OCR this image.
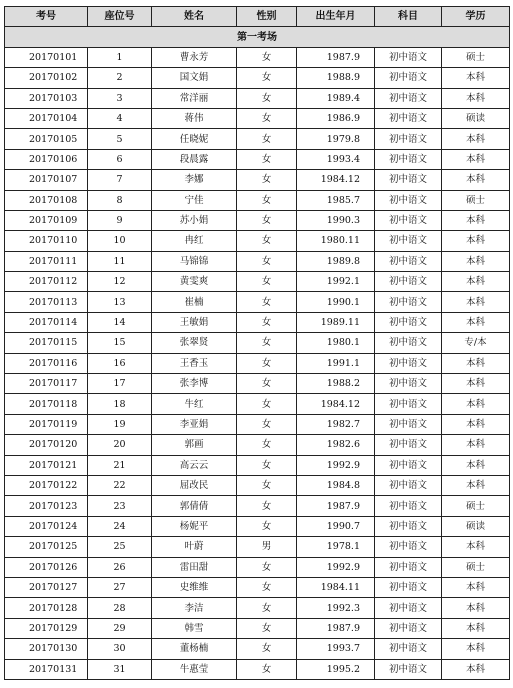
考号	座位号	姓名	性别	出生年月	科目	学历
第一考场						
20170101	1	曹永芳	女	1987.9	初中语文	硕士
20170102	2	国文娟	女	1988.9	初中语文	本科
20170103	3	常洋丽	女	1989.4	初中语文	本科
20170104	4	蒋伟	女	1986.9	初中语文	硕读
20170105	5	任晓妮	女	1979.8	初中语文	本科
20170106	6	段晨露	女	1993.4	初中语文	本科
20170107	7	李娜	女	1984.12	初中语文	本科
20170108	8	宁佳	女	1985.7	初中语文	硕士
20170109	9	苏小娟	女	1990.3	初中语文	本科
20170110	10	冉红	女	1980.11	初中语文	本科
20170111	11	马锦锦	女	1989.8	初中语文	本科
20170112	12	黄雯爽	女	1992.1	初中语文	本科
20170113	13	崔楠	女	1990.1	初中语文	本科
20170114	14	王敏娟	女	1989.11	初中语文	本科
20170115	15	张翠贤	女	1980.1	初中语文	专/本
20170116	16	王香玉	女	1991.1	初中语文	本科
20170117	17	张李博	女	1988.2	初中语文	本科
20170118	18	牛红	女	1984.12	初中语文	本科
20170119	19	李亚娟	女	1982.7	初中语文	本科
20170120	20	郭画	女	1982.6	初中语文	本科
20170121	21	高云云	女	1992.9	初中语文	本科
20170122	22	屈改民	女	1984.8	初中语文	本科
20170123	23	郭倩倩	女	1987.9	初中语文	硕士
20170124	24	杨妮平	女	1990.7	初中语文	硕读
20170125	25	叶蔚	男	1978.1	初中语文	本科
20170126	26	雷田甜	女	1992.9	初中语文	硕士
20170127	27	史维维	女	1984.11	初中语文	本科
20170128	28	李洁	女	1992.3	初中语文	本科
20170129	29	韩雪	女	1987.9	初中语文	本科
20170130	30	董杨楠	女	1993.7	初中语文	本科
20170131	31	牛惠莹	女	1995.2	初中语文	本科
